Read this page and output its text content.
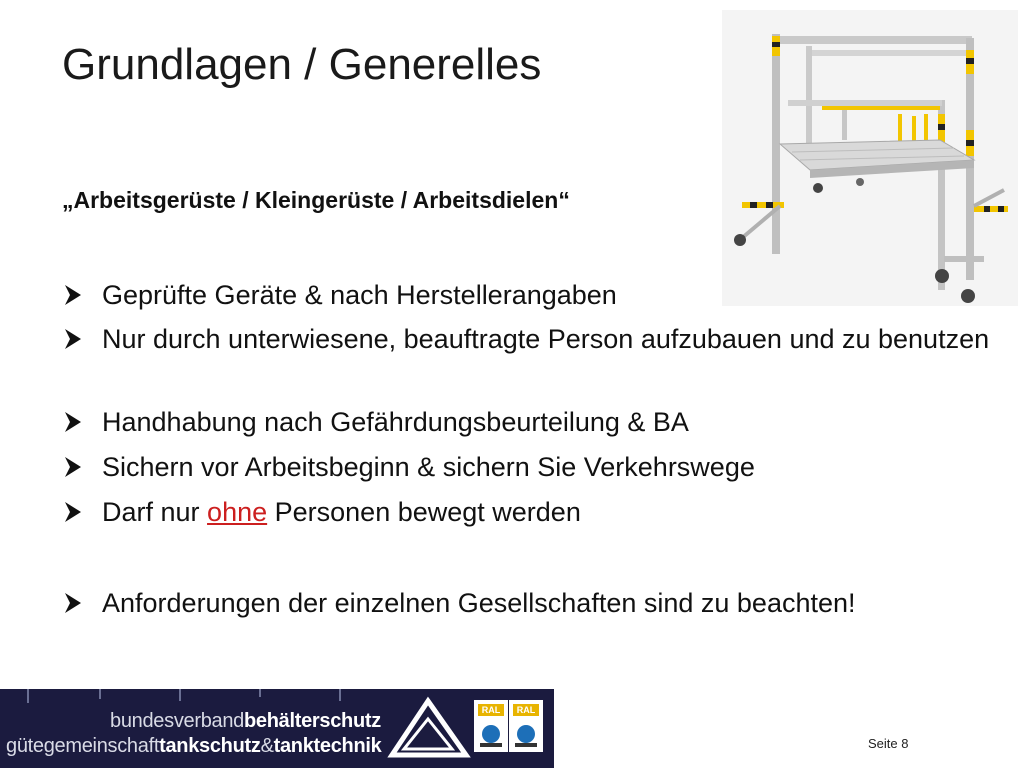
Grundlagen / Generelles
„Arbeitsgerüste / Kleingerüste / Arbeitsdielen“
Geprüfte Geräte & nach Herstellerangaben
Nur durch unterwiesene, beauftragte Person aufzubauen und zu benutzen
Handhabung nach Gefährdungsbeurteilung & BA
Sichern vor Arbeitsbeginn & sichern Sie Verkehrswege
Darf nur ohne Personen bewegt werden
Anforderungen der einzelnen Gesellschaften sind zu beachten!
bundesverbandbehälterschutz
gütegemeinschafttankschutz&tanktechnik
RAL	RAL
Seite 8
